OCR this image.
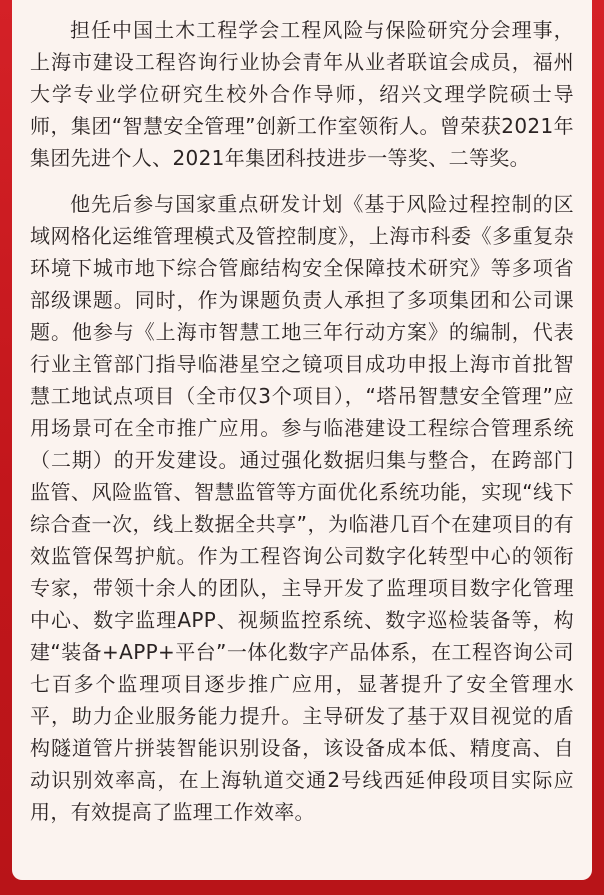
担任中国土木工程学会工程风险与保险研究分会理事，上海市建设工程咨询行业协会青年从业者联谊会成员，福州大学专业学位研究生校外合作导师，绍兴文理学院硕士导师，集团“智慧安全管理”创新工作室领衔人。曾荣获2021年集团先进个人、2021年集团科技进步一等奖、二等奖。

他先后参与国家重点研发计划《基于风险过程控制的区域网格化运维管理模式及管控制度》，上海市科委《多重复杂环境下城市地下综合管廊结构安全保障技术研究》等多项省部级课题。同时，作为课题负责人承担了多项集团和公司课题。他参与《上海市智慧工地三年行动方案》的编制，代表行业主管部门指导临港星空之镜项目成功申报上海市首批智慧工地试点项目（全市仅3个项目），“塔吊智慧安全管理”应用场景可在全市推广应用。参与临港建设工程综合管理系统（二期）的开发建设。通过强化数据归集与整合，在跨部门监管、风险监管、智慧监管等方面优化系统功能，实现“线下综合查一次，线上数据全共享”，为临港几百个在建项目的有效监管保驾护航。作为工程咨询公司数字化转型中心的领衔专家，带领十余人的团队，主导开发了监理项目数字化管理中心、数字监理APP、视频监控系统、数字巡检装备等，构建“装备+APP+平台”一体化数字产品体系，在工程咨询公司七百多个监理项目逐步推广应用，显著提升了安全管理水平，助力企业服务能力提升。主导研发了基于双目视觉的盾构隧道管片拼装智能识别设备，该设备成本低、精度高、自动识别效率高，在上海轨道交通2号线西延伸段项目实际应用，有效提高了监理工作效率。
